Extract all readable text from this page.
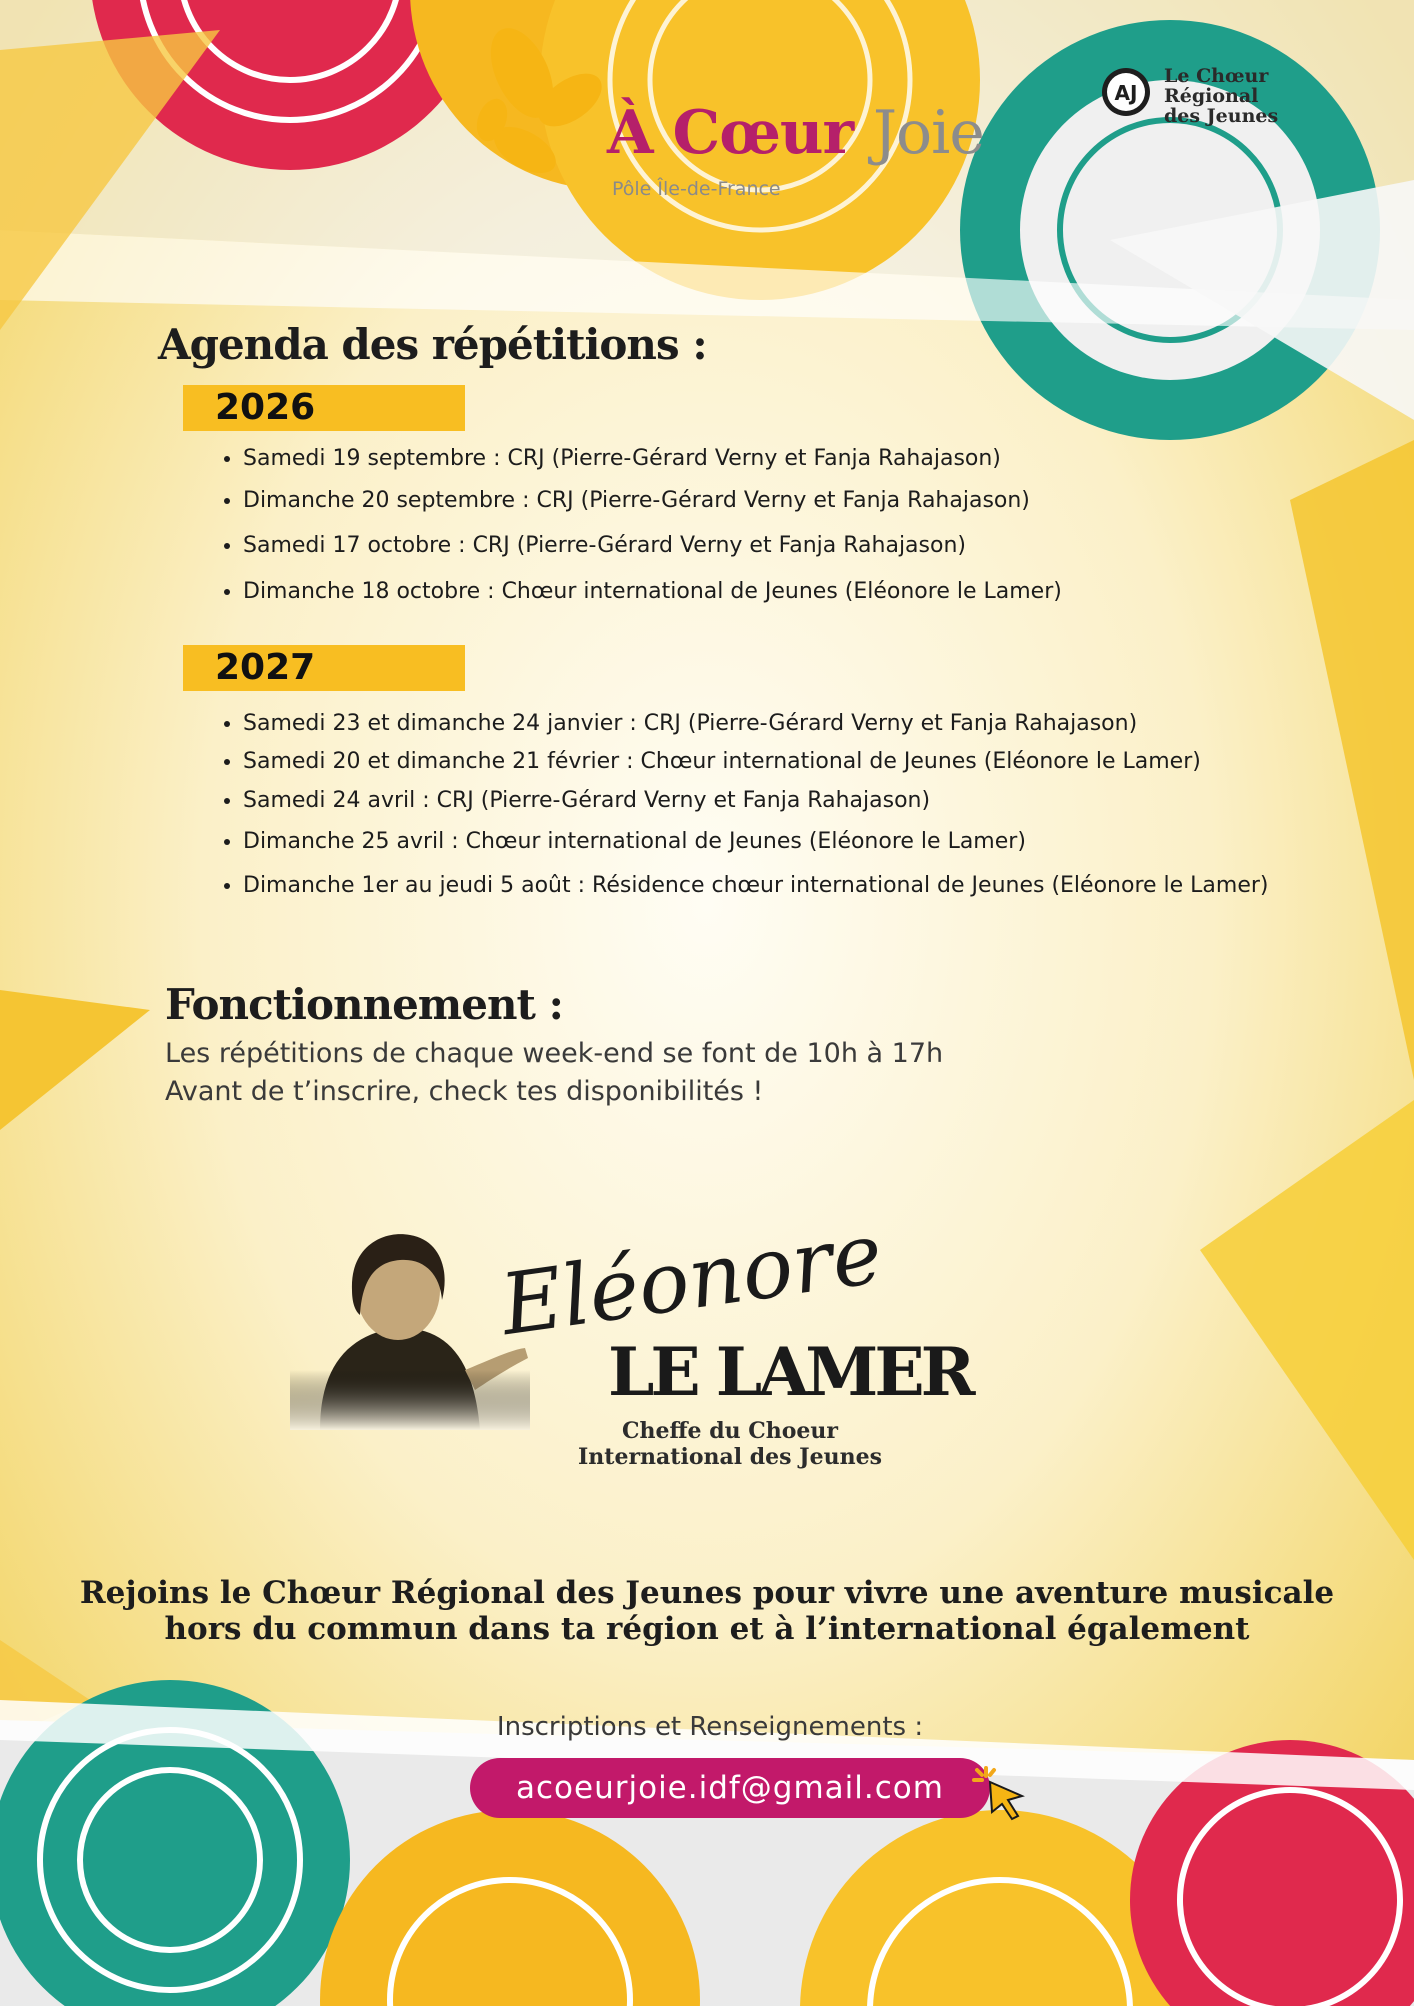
À Cœur Joie
Pôle Île-de-France
AJ
Le Chœur Régional
des Jeunes
Agenda des répétitions :
2026
• Samedi 19 septembre : CRJ (Pierre-Gérard Verny et Fanja Rahajason)
• Dimanche 20 septembre : CRJ (Pierre-Gérard Verny et Fanja Rahajason)
• Samedi 17 octobre : CRJ (Pierre-Gérard Verny et Fanja Rahajason)
• Dimanche 18 octobre : Chœur international de Jeunes (Eléonore le Lamer)
2027
• Samedi 23 et dimanche 24 janvier : CRJ (Pierre-Gérard Verny et Fanja Rahajason)
• Samedi 20 et dimanche 21 février : Chœur international de Jeunes (Eléonore le Lamer)
• Samedi 24 avril : CRJ (Pierre-Gérard Verny et Fanja Rahajason)
• Dimanche 25 avril : Chœur international de Jeunes (Eléonore le Lamer)
• Dimanche 1er au jeudi 5 août : Résidence chœur international de Jeunes (Eléonore le Lamer)
Fonctionnement :
Les répétitions de chaque week-end se font de 10h à 17h
Avant de t’inscrire, check tes disponibilités !
Eléonore
LE LAMER
Cheffe du Choeur
International des Jeunes
Rejoins le Chœur Régional des Jeunes pour vivre une aventure musicale
hors du commun dans ta région et à l’international également
Inscriptions et Renseignements :
acoeurjoie.idf@gmail.com
